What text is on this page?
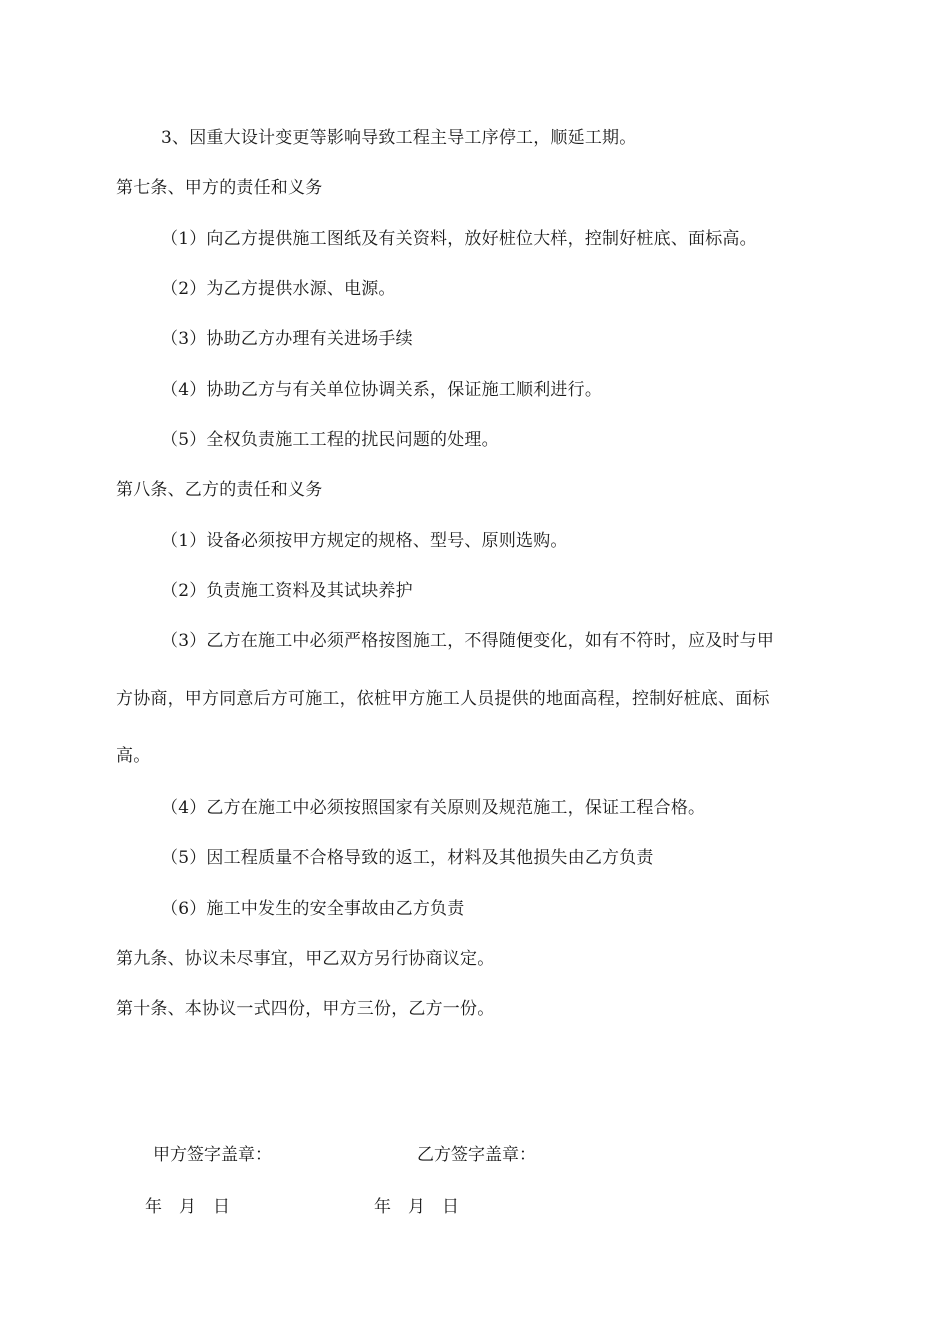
3、因重大设计变更等影响导致工程主导工序停工，顺延工期。
第七条、甲方的责任和义务
（1）向乙方提供施工图纸及有关资料，放好桩位大样，控制好桩底、面标高。
（2）为乙方提供水源、电源。
（3）协助乙方办理有关进场手续
（4）协助乙方与有关单位协调关系，保证施工顺利进行。
（5）全权负责施工工程的扰民问题的处理。
第八条、乙方的责任和义务
（1）设备必须按甲方规定的规格、型号、原则选购。
（2）负责施工资料及其试块养护
（3）乙方在施工中必须严格按图施工，不得随便变化，如有不符时，应及时与甲
方协商，甲方同意后方可施工，依桩甲方施工人员提供的地面高程，控制好桩底、面标
高。
（4）乙方在施工中必须按照国家有关原则及规范施工，保证工程合格。
（5）因工程质量不合格导致的返工，材料及其他损失由乙方负责
（6）施工中发生的安全事故由乙方负责
第九条、协议未尽事宜，甲乙双方另行协商议定。
第十条、本协议一式四份，甲方三份，乙方一份。
甲方签字盖章：	乙方签字盖章：
年　月　日	年　月　日
